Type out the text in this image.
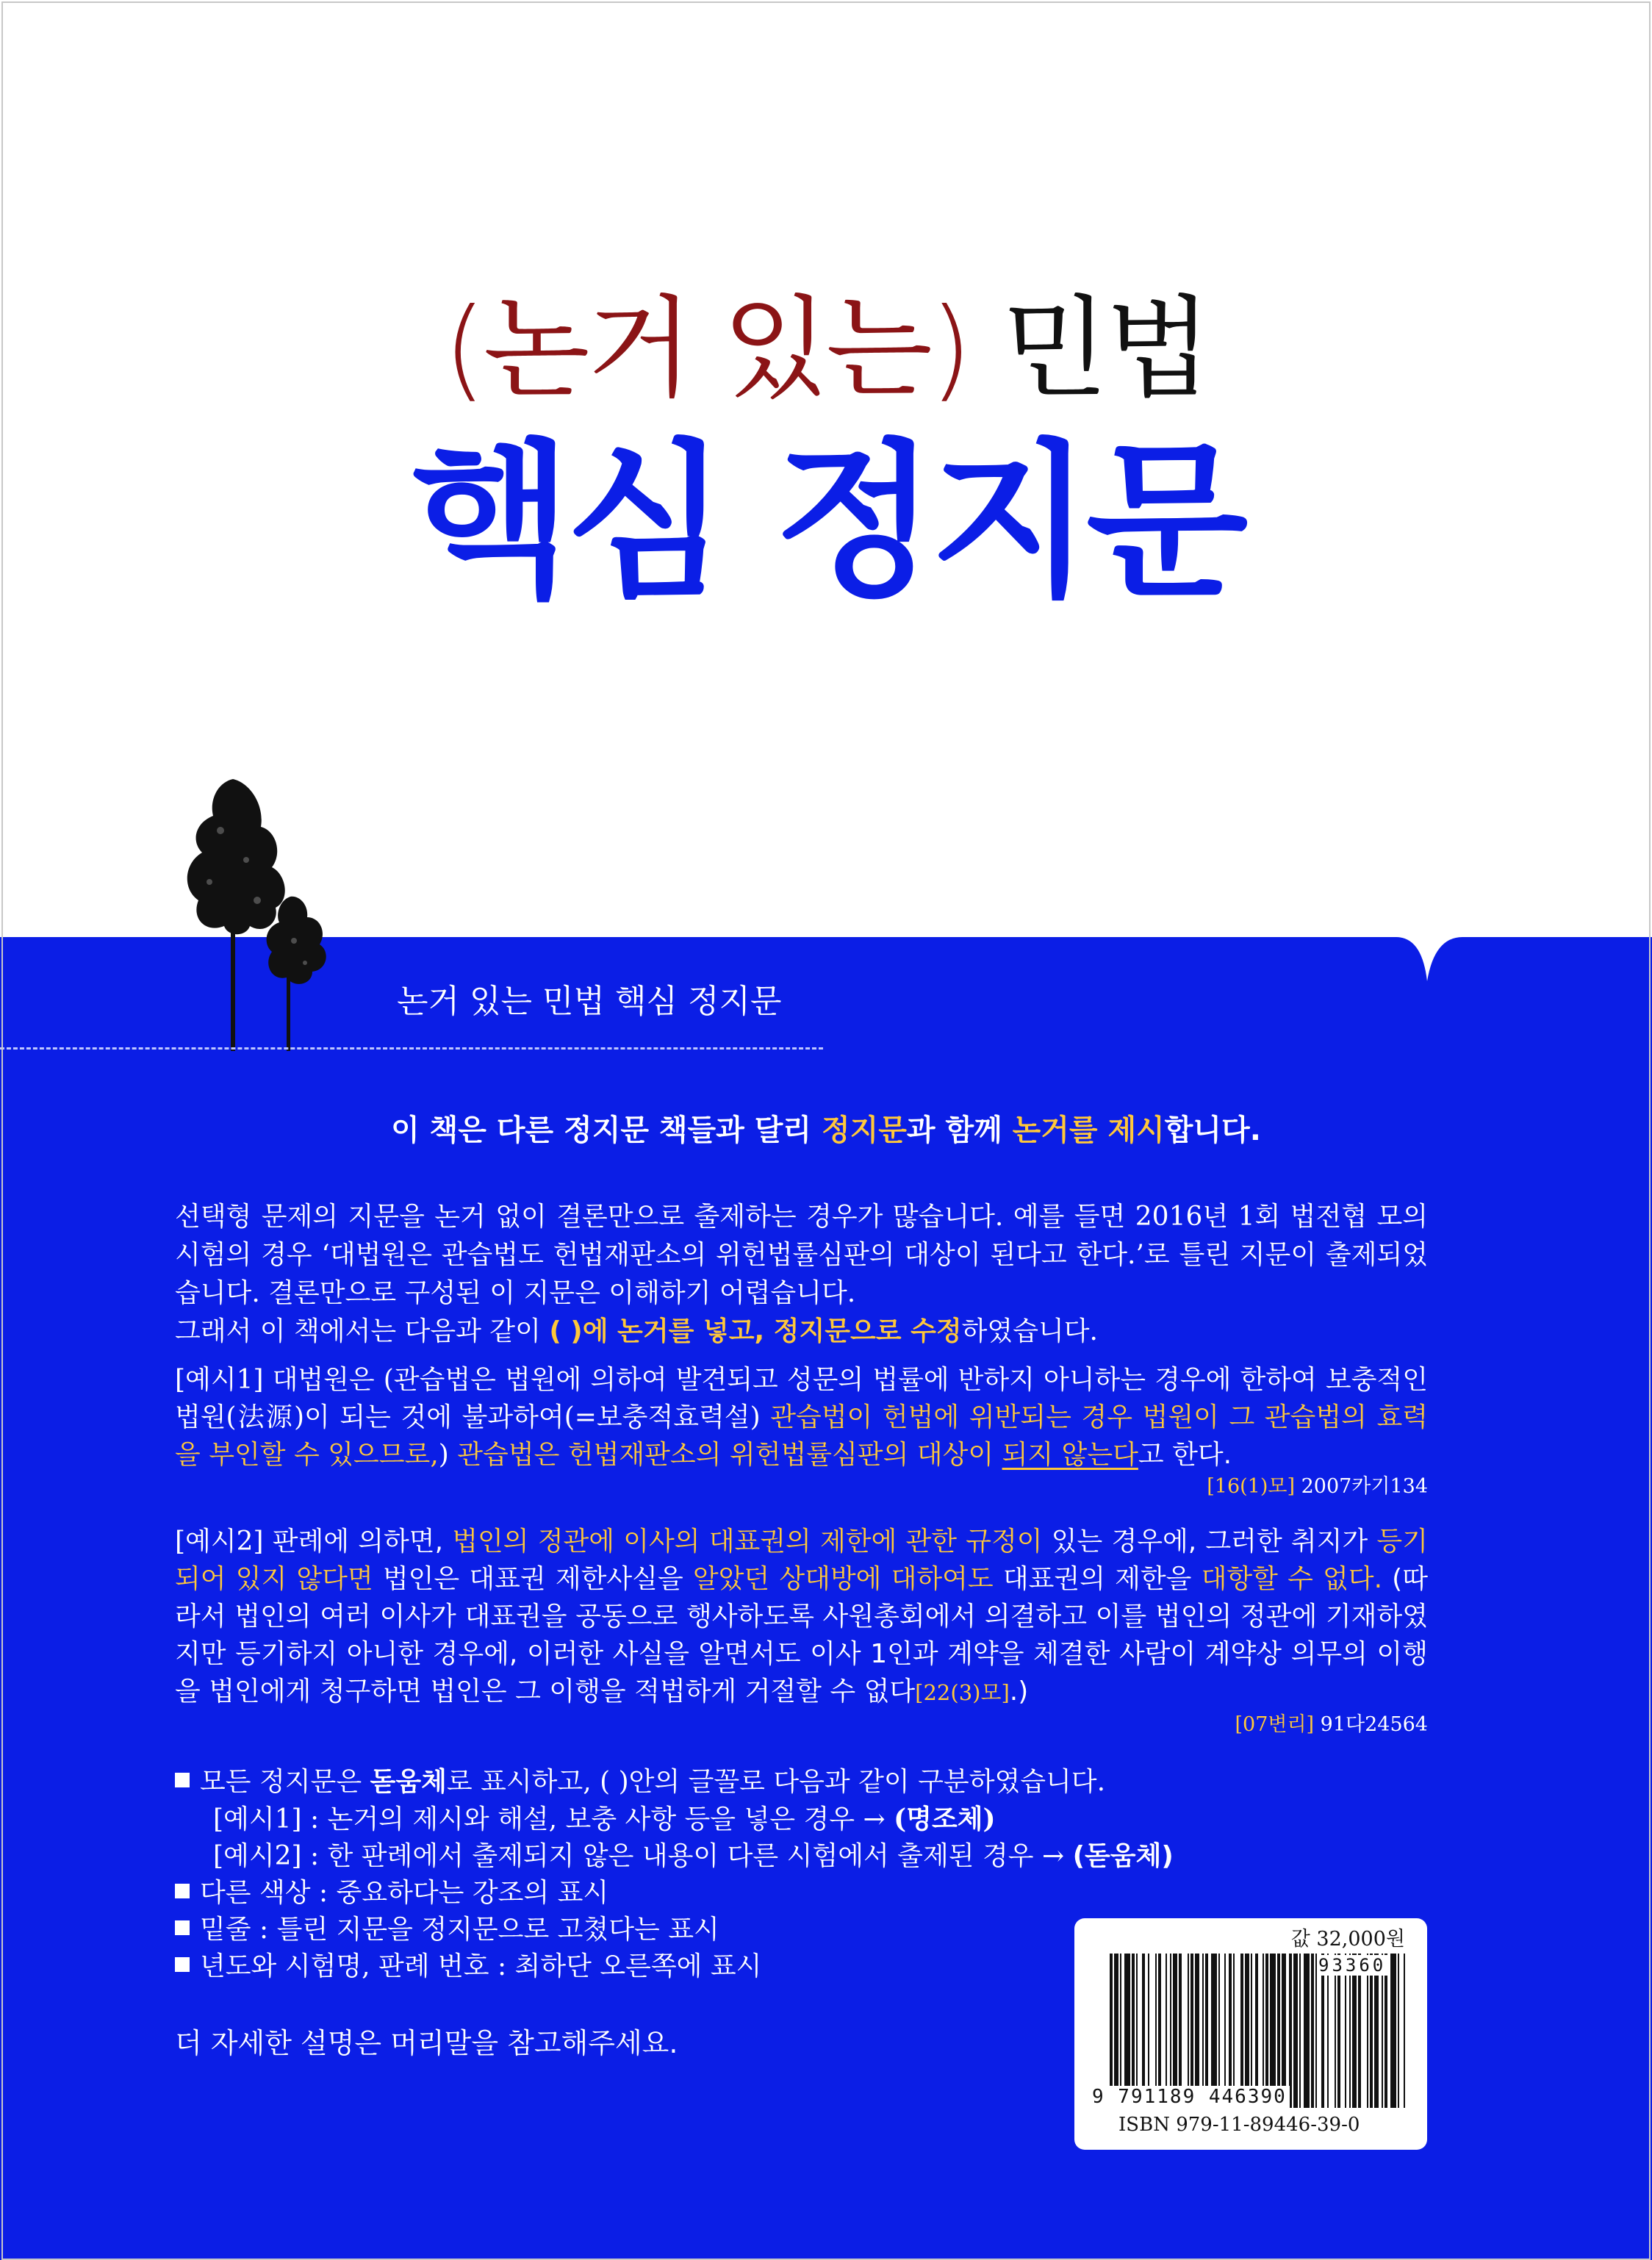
(논거 있는) 민법
핵심 정지문
논거 있는 민법 핵심 정지문
이 책은 다른 정지문 책들과 달리 정지문과 함께 논거를 제시합니다.
선택형 문제의 지문을 논거 없이 결론만으로 출제하는 경우가 많습니다. 예를 들면 2016년 1회 법전협 모의시험의 경우 ‘대법원은 관습법도 헌법재판소의 위헌법률심판의 대상이 된다고 한다.’로 틀린 지문이 출제되었습니다. 결론만으로 구성된 이 지문은 이해하기 어렵습니다.
그래서 이 책에서는 다음과 같이 ( )에 논거를 넣고, 정지문으로 수정하였습니다.
[예시1] 대법원은 (관습법은 법원에 의하여 발견되고 성문의 법률에 반하지 아니하는 경우에 한하여 보충적인 법원(法源)이 되는 것에 불과하여(=보충적효력설) 관습법이 헌법에 위반되는 경우 법원이 그 관습법의 효력을 부인할 수 있으므로,) 관습법은 헌법재판소의 위헌법률심판의 대상이 되지 않는다고 한다.
[16(1)모] 2007카기134
[예시2] 판례에 의하면, 법인의 정관에 이사의 대표권의 제한에 관한 규정이 있는 경우에, 그러한 취지가 등기되어 있지 않다면 법인은 대표권 제한사실을 알았던 상대방에 대하여도 대표권의 제한을 대항할 수 없다. (따라서 법인의 여러 이사가 대표권을 공동으로 행사하도록 사원총회에서 의결하고 이를 법인의 정관에 기재하였지만 등기하지 아니한 경우에, 이러한 사실을 알면서도 이사 1인과 계약을 체결한 사람이 계약상 의무의 이행을 법인에게 청구하면 법인은 그 이행을 적법하게 거절할 수 없다[22(3)모].)
[07변리] 91다24564
모든 정지문은 돋움체로 표시하고, ( )안의 글꼴로 다음과 같이 구분하였습니다.
[예시1] : 논거의 제시와 해설, 보충 사항 등을 넣은 경우 → (명조체)
[예시2] : 한 판례에서 출제되지 않은 내용이 다른 시험에서 출제된 경우 → (돋움체)
다른 색상 : 중요하다는 강조의 표시
밑줄 : 틀린 지문을 정지문으로 고쳤다는 표시
년도와 시험명, 판례 번호 : 최하단 오른쪽에 표시
더 자세한 설명은 머리말을 참고해주세요.
값 32,000원
93360
9 791189 446390
ISBN 979-11-89446-39-0
